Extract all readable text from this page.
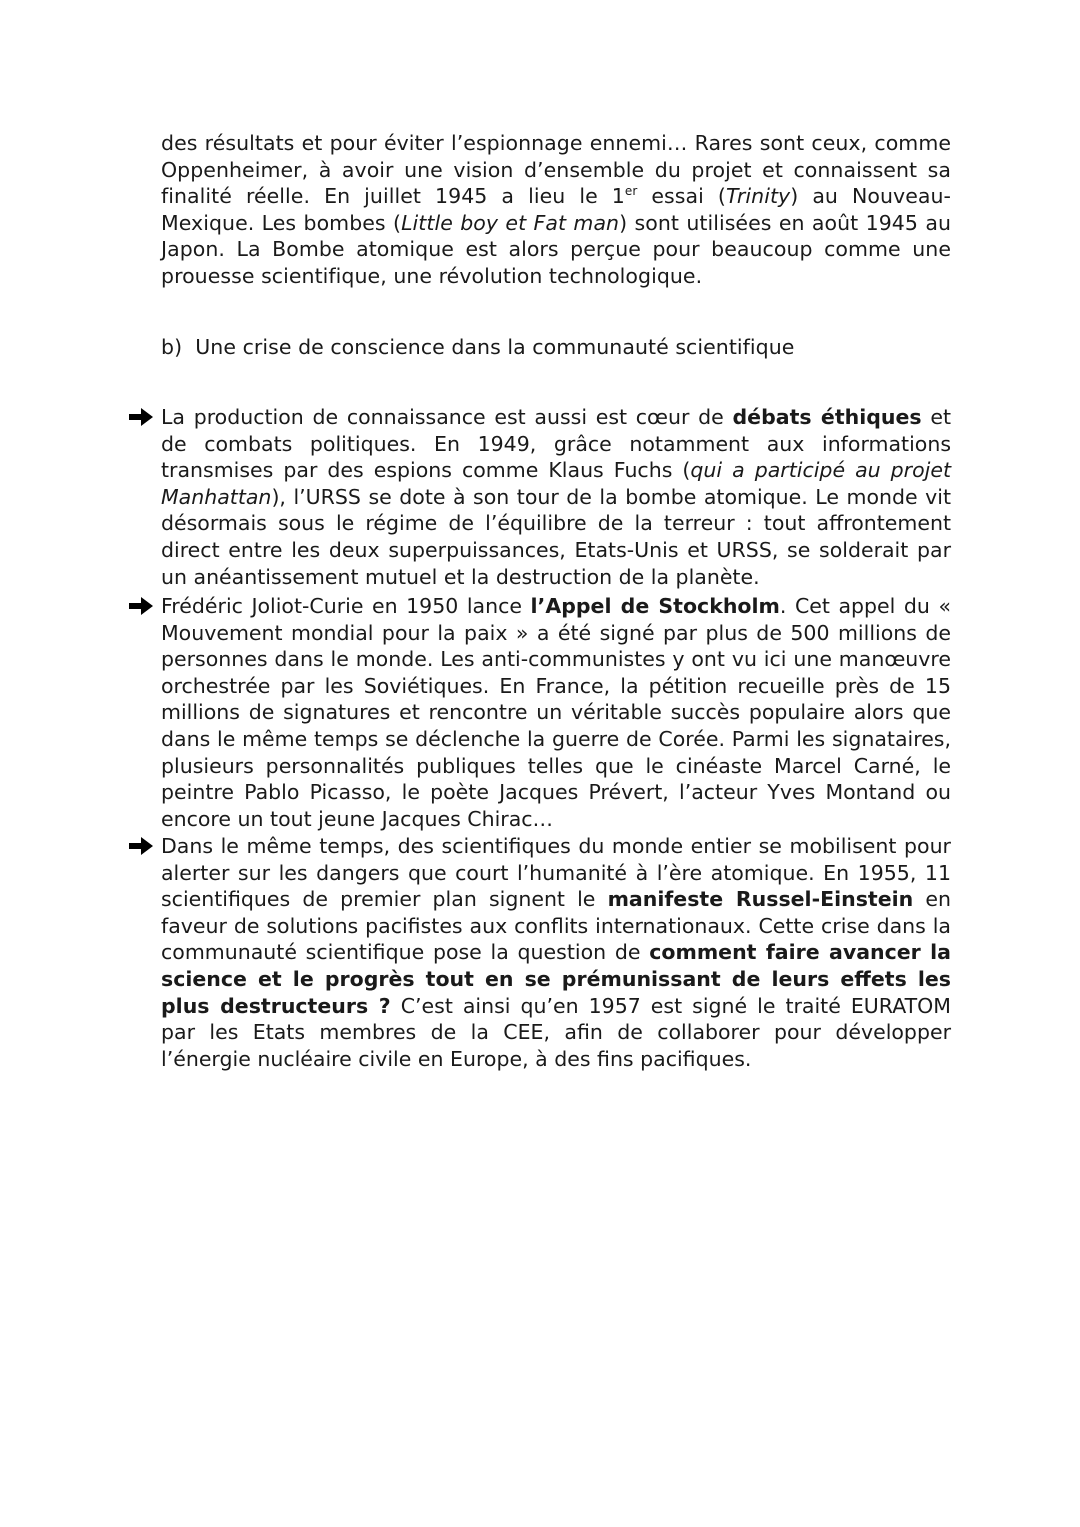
des résultats et pour éviter l’espionnage ennemi… Rares sont ceux, comme Oppenheimer, à avoir une vision d’ensemble du projet et connaissent sa finalité réelle. En juillet 1945 a lieu le 1er essai (Trinity) au Nouveau-Mexique. Les bombes (Little boy et Fat man) sont utilisées en août 1945 au Japon. La Bombe atomique est alors perçue pour beaucoup comme une prouesse scientifique, une révolution technologique.
b)  Une crise de conscience dans la communauté scientifique
La production de connaissance est aussi est cœur de débats éthiques et de combats politiques. En 1949, grâce notamment aux informations transmises par des espions comme Klaus Fuchs (qui a participé au projet Manhattan), l’URSS se dote à son tour de la bombe atomique. Le monde vit désormais sous le régime de l’équilibre de la terreur : tout affrontement direct entre les deux superpuissances, Etats-Unis et URSS, se solderait par un anéantissement mutuel et la destruction de la planète.
Frédéric Joliot-Curie en 1950 lance l’Appel de Stockholm. Cet appel du « Mouvement mondial pour la paix » a été signé par plus de 500 millions de personnes dans le monde. Les anti-communistes y ont vu ici une manœuvre orchestrée par les Soviétiques. En France, la pétition recueille près de 15 millions de signatures et rencontre un véritable succès populaire alors que dans le même temps se déclenche la guerre de Corée. Parmi les signataires, plusieurs personnalités publiques telles que le cinéaste Marcel Carné, le peintre Pablo Picasso, le poète Jacques Prévert, l’acteur Yves Montand ou encore un tout jeune Jacques Chirac…
Dans le même temps, des scientifiques du monde entier se mobilisent pour alerter sur les dangers que court l’humanité à l’ère atomique. En 1955, 11 scientifiques de premier plan signent le manifeste Russel-Einstein en faveur de solutions pacifistes aux conflits internationaux. Cette crise dans la communauté scientifique pose la question de comment faire avancer la science et le progrès tout en se prémunissant de leurs effets les plus destructeurs ? C’est ainsi qu’en 1957 est signé le traité EURATOM par les Etats membres de la CEE, afin de collaborer pour développer l’énergie nucléaire civile en Europe, à des fins pacifiques.
